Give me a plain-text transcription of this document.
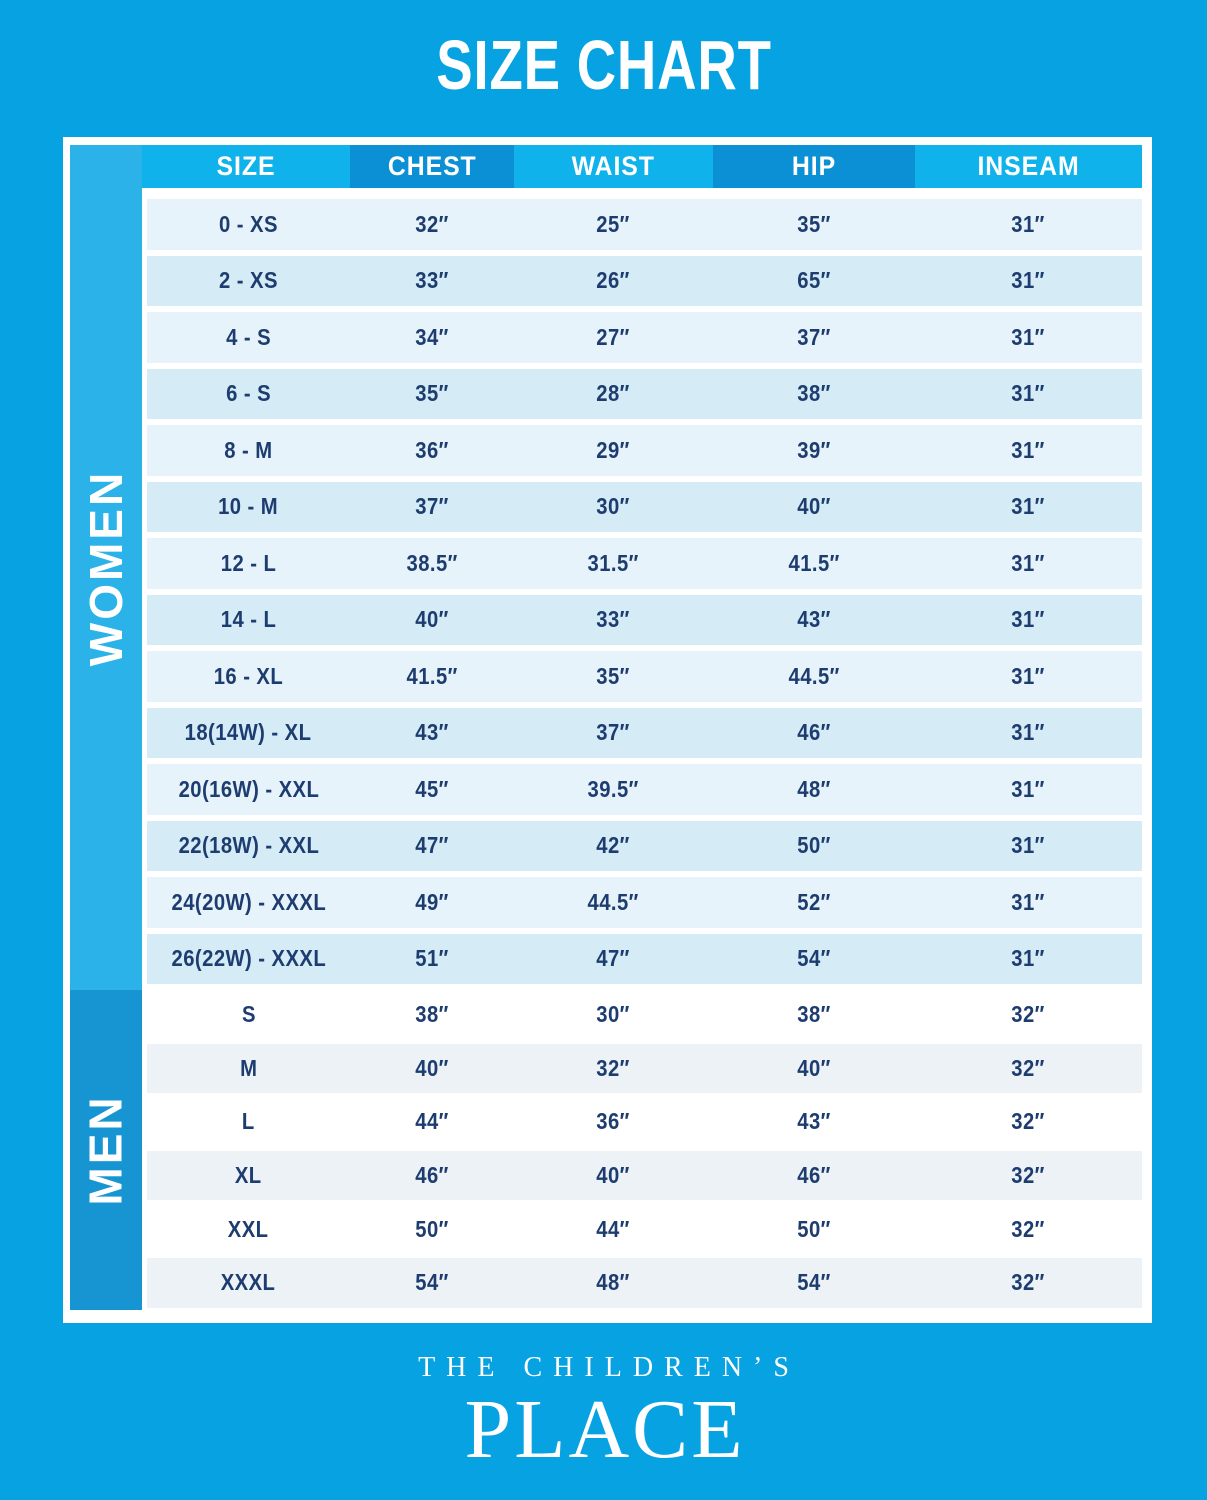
SIZE CHART
WOMEN
MEN
SIZE	CHEST	WAIST	HIP	INSEAM
0 - XS	32″	25″	35″	31″
2 - XS	33″	26″	65″	31″
4 - S	34″	27″	37″	31″
6 - S	35″	28″	38″	31″
8 - M	36″	29″	39″	31″
10 - M	37″	30″	40″	31″
12 - L	38.5″	31.5″	41.5″	31″
14 - L	40″	33″	43″	31″
16 - XL	41.5″	35″	44.5″	31″
18(14W) - XL	43″	37″	46″	31″
20(16W) - XXL	45″	39.5″	48″	31″
22(18W) - XXL	47″	42″	50″	31″
24(20W) - XXXL	49″	44.5″	52″	31″
26(22W) - XXXL	51″	47″	54″	31″
S	38″	30″	38″	32″
M	40″	32″	40″	32″
L	44″	36″	43″	32″
XL	46″	40″	46″	32″
XXL	50″	44″	50″	32″
XXXL	54″	48″	54″	32″
THE CHILDREN’S
PLACE
